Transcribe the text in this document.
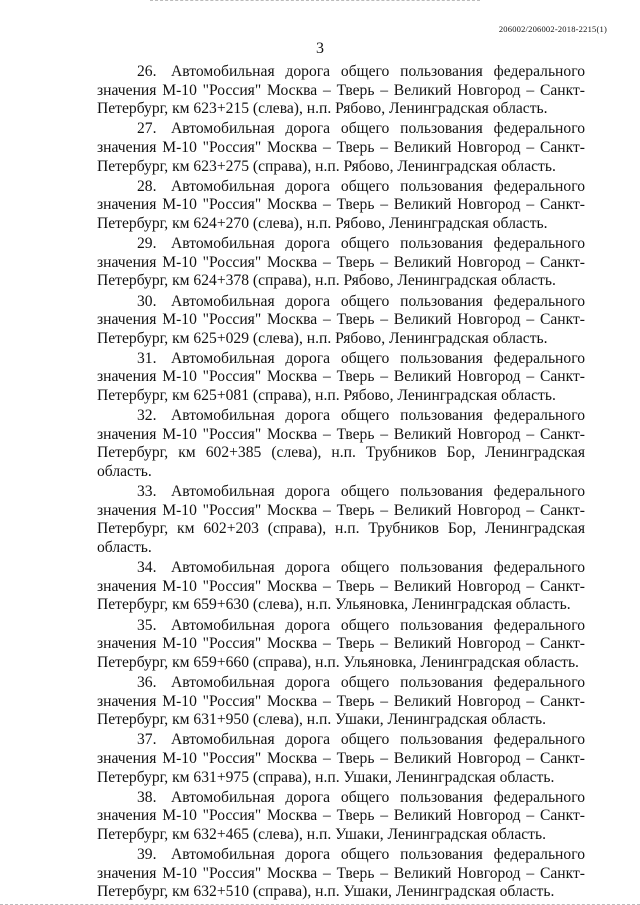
206002/206002-2018-2215(1)
3

26. Автомобильная дорога общего пользования федерального значения М-10 "Россия" Москва – Тверь – Великий Новгород – Санкт-Петербург, км 623+215 (слева), н.п. Рябово, Ленинградская область.

27. Автомобильная дорога общего пользования федерального значения М-10 "Россия" Москва – Тверь – Великий Новгород – Санкт-Петербург, км 623+275 (справа), н.п. Рябово, Ленинградская область.

28. Автомобильная дорога общего пользования федерального значения М-10 "Россия" Москва – Тверь – Великий Новгород – Санкт-Петербург, км 624+270 (слева), н.п. Рябово, Ленинградская область.

29. Автомобильная дорога общего пользования федерального значения М-10 "Россия" Москва – Тверь – Великий Новгород – Санкт-Петербург, км 624+378 (справа), н.п. Рябово, Ленинградская область.

30. Автомобильная дорога общего пользования федерального значения М-10 "Россия" Москва – Тверь – Великий Новгород – Санкт-Петербург, км 625+029 (слева), н.п. Рябово, Ленинградская область.

31. Автомобильная дорога общего пользования федерального значения М-10 "Россия" Москва – Тверь – Великий Новгород – Санкт-Петербург, км 625+081 (справа), н.п. Рябово, Ленинградская область.

32. Автомобильная дорога общего пользования федерального значения М-10 "Россия" Москва – Тверь – Великий Новгород – Санкт-Петербург, км 602+385 (слева), н.п. Трубников Бор, Ленинградская область.

33. Автомобильная дорога общего пользования федерального значения М-10 "Россия" Москва – Тверь – Великий Новгород – Санкт-Петербург, км 602+203 (справа), н.п. Трубников Бор, Ленинградская область.

34. Автомобильная дорога общего пользования федерального значения М-10 "Россия" Москва – Тверь – Великий Новгород – Санкт-Петербург, км 659+630 (слева), н.п. Ульяновка, Ленинградская область.

35. Автомобильная дорога общего пользования федерального значения М-10 "Россия" Москва – Тверь – Великий Новгород – Санкт-Петербург, км 659+660 (справа), н.п. Ульяновка, Ленинградская область.

36. Автомобильная дорога общего пользования федерального значения М-10 "Россия" Москва – Тверь – Великий Новгород – Санкт-Петербург, км 631+950 (слева), н.п. Ушаки, Ленинградская область.

37. Автомобильная дорога общего пользования федерального значения М-10 "Россия" Москва – Тверь – Великий Новгород – Санкт-Петербург, км 631+975 (справа), н.п. Ушаки, Ленинградская область.

38. Автомобильная дорога общего пользования федерального значения М-10 "Россия" Москва – Тверь – Великий Новгород – Санкт-Петербург, км 632+465 (слева), н.п. Ушаки, Ленинградская область.

39. Автомобильная дорога общего пользования федерального значения М-10 "Россия" Москва – Тверь – Великий Новгород – Санкт-Петербург, км 632+510 (справа), н.п. Ушаки, Ленинградская область.
